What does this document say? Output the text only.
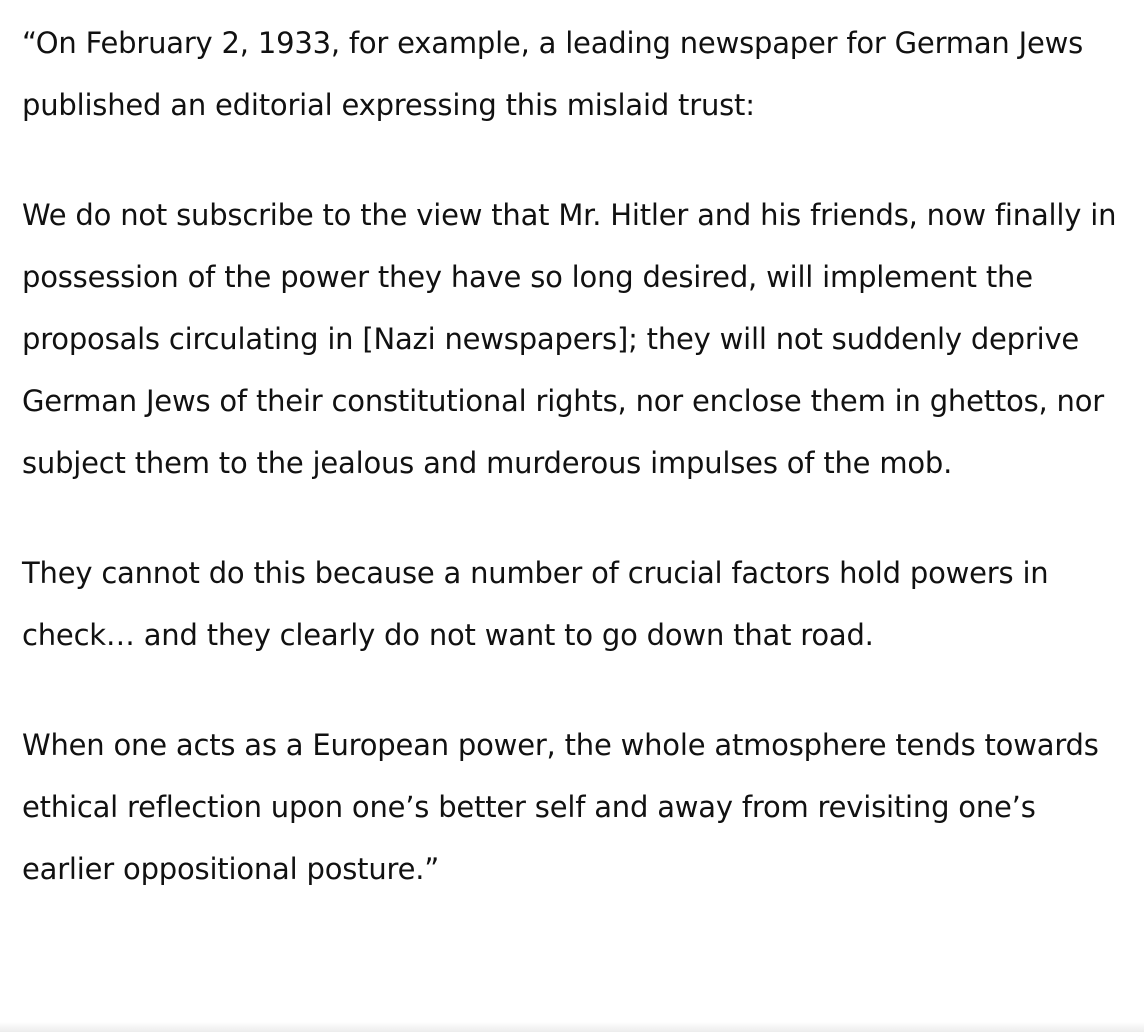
“On February 2, 1933, for example, a leading newspaper for German Jews published an editorial expressing this mislaid trust:

We do not subscribe to the view that Mr. Hitler and his friends, now finally in possession of the power they have so long desired, will implement the proposals circulating in [Nazi newspapers]; they will not suddenly deprive German Jews of their constitutional rights, nor enclose them in ghettos, nor subject them to the jealous and murderous impulses of the mob.

They cannot do this because a number of crucial factors hold powers in check… and they clearly do not want to go down that road.

When one acts as a European power, the whole atmosphere tends towards ethical reflection upon one’s better self and away from revisiting one’s earlier oppositional posture.”
